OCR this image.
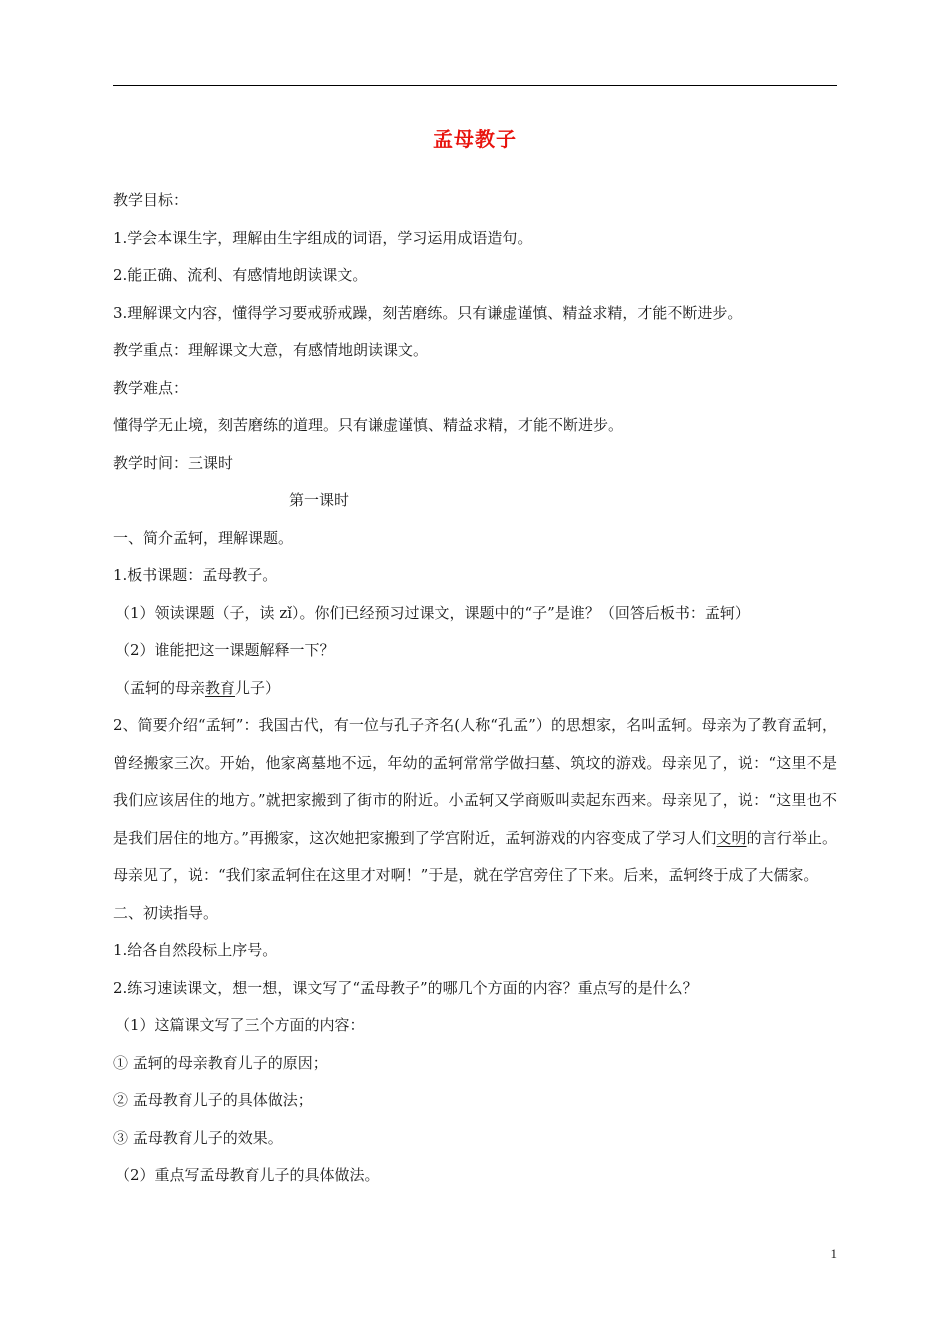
孟母教子
教学目标：
1.学会本课生字，理解由生字组成的词语，学习运用成语造句。
2.能正确、流利、有感情地朗读课文。
3.理解课文内容，懂得学习要戒骄戒躁，刻苦磨练。只有谦虚谨慎、精益求精，才能不断进步。
教学重点：理解课文大意，有感情地朗读课文。
教学难点：
懂得学无止境，刻苦磨练的道理。只有谦虚谨慎、精益求精，才能不断进步。
教学时间：三课时
第一课时
一、简介孟轲，理解课题。
1.板书课题：孟母教子。
（1）领读课题（子，读 zǐ）。你们已经预习过课文，课题中的“子”是谁？（回答后板书：孟轲）
（2）谁能把这一课题解释一下？
（孟轲的母亲教育儿子）
2、简要介绍“孟轲”：我国古代，有一位与孔子齐名(人称“孔孟”）的思想家，名叫孟轲。母亲为了教育孟轲，曾经搬家三次。开始，他家离墓地不远，年幼的孟轲常常学做扫墓、筑坟的游戏。母亲见了，说：“这里不是我们应该居住的地方。”就把家搬到了街市的附近。小孟轲又学商贩叫卖起东西来。母亲见了，说：“这里也不是我们居住的地方。”再搬家，这次她把家搬到了学宫附近，孟轲游戏的内容变成了学习人们文明的言行举止。母亲见了，说：“我们家孟轲住在这里才对啊！”于是，就在学宫旁住了下来。后来，孟轲终于成了大儒家。
二、初读指导。
1.给各自然段标上序号。
2.练习速读课文，想一想，课文写了“孟母教子”的哪几个方面的内容？重点写的是什么？
（1）这篇课文写了三个方面的内容：
① 孟轲的母亲教育儿子的原因；
② 孟母教育儿子的具体做法；
③ 孟母教育儿子的效果。
（2）重点写孟母教育儿子的具体做法。
1
